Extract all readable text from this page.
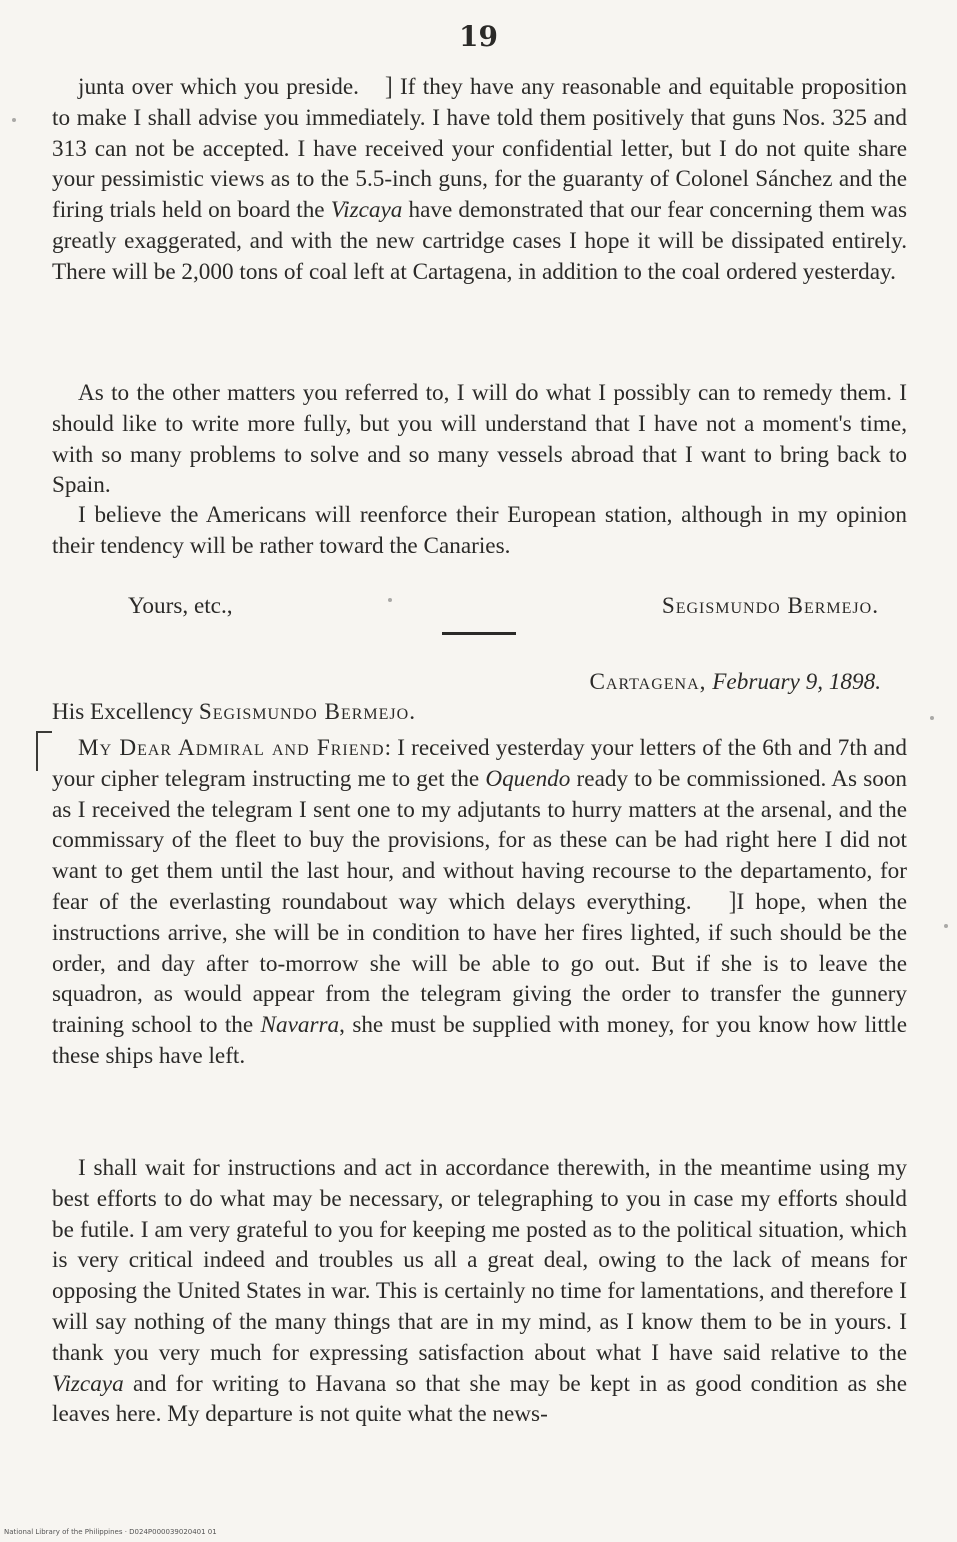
19

junta over which you preside. ] If they have any reasonable and equitable proposition to make I shall advise you immediately. I have told them positively that guns Nos. 325 and 313 can not be accepted. I have received your confidential letter, but I do not quite share your pessimistic views as to the 5.5-inch guns, for the guaranty of Colonel Sánchez and the firing trials held on board the Vizcaya have demonstrated that our fear concerning them was greatly exaggerated, and with the new cartridge cases I hope it will be dissipated entirely. There will be 2,000 tons of coal left at Cartagena, in addition to the coal ordered yesterday.

As to the other matters you referred to, I will do what I possibly can to remedy them. I should like to write more fully, but you will understand that I have not a moment's time, with so many problems to solve and so many vessels abroad that I want to bring back to Spain.

I believe the Americans will reenforce their European station, although in my opinion their tendency will be rather toward the Canaries.

Yours, etc.,	Segismundo Bermejo.
Cartagena, February 9, 1898.
His Excellency Segismundo Bermejo.

My Dear Admiral and Friend: I received yesterday your letters of the 6th and 7th and your cipher telegram instructing me to get the Oquendo ready to be commissioned. As soon as I received the telegram I sent one to my adjutants to hurry matters at the arsenal, and the commissary of the fleet to buy the provisions, for as these can be had right here I did not want to get them until the last hour, and without having recourse to the departamento, for fear of the everlasting roundabout way which delays everything. ]I hope, when the instructions arrive, she will be in condition to have her fires lighted, if such should be the order, and day after to-morrow she will be able to go out. But if she is to leave the squadron, as would appear from the telegram giving the order to transfer the gunnery training school to the Navarra, she must be supplied with money, for you know how little these ships have left.

I shall wait for instructions and act in accordance therewith, in the meantime using my best efforts to do what may be necessary, or telegraphing to you in case my efforts should be futile. I am very grateful to you for keeping me posted as to the political situation, which is very critical indeed and troubles us all a great deal, owing to the lack of means for opposing the United States in war. This is certainly no time for lamentations, and therefore I will say nothing of the many things that are in my mind, as I know them to be in yours. I thank you very much for expressing satisfaction about what I have said relative to the Vizcaya and for writing to Havana so that she may be kept in as good condition as she leaves here. My departure is not quite what the news-

National Library of the Philippines · D024P000039020401 01
